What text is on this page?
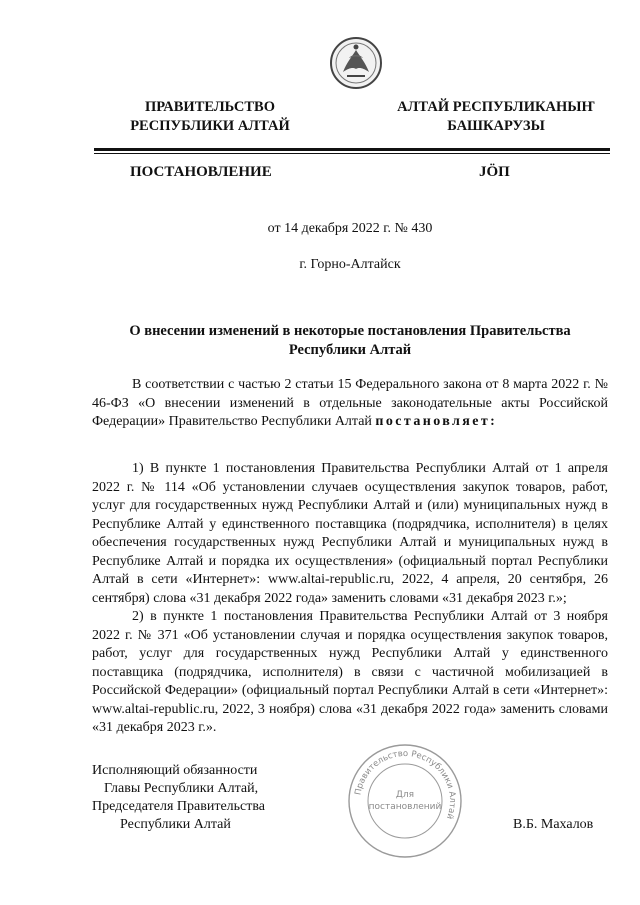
ПРАВИТЕЛЬСТВО
РЕСПУБЛИКИ АЛТАЙ
АЛТАЙ РЕСПУБЛИКАНЫҤ
БАШКАРУЗЫ
ПОСТАНОВЛЕНИЕ	JӦП
от 14 декабря 2022 г. № 430
г. Горно-Алтайск
О внесении изменений в некоторые постановления Правительства
Республики Алтай
В соответствии с частью 2 статьи 15 Федерального закона от 8 марта 2022 г. № 46-ФЗ «О внесении изменений в отдельные законодательные акты Российской Федерации» Правительство Республики Алтай постановляет:
1) В пункте 1 постановления Правительства Республики Алтай от 1 апреля 2022 г. № 114 «Об установлении случаев осуществления закупок товаров, работ, услуг для государственных нужд Республики Алтай и (или) муниципальных нужд в Республике Алтай у единственного поставщика (подрядчика, исполнителя) в целях обеспечения государственных нужд Республики Алтай и муниципальных нужд в Республике Алтай и порядка их осуществления» (официальный портал Республики Алтай в сети «Интернет»: www.altai-republic.ru, 2022, 4 апреля, 20 сентября, 26 сентября) слова «31 декабря 2022 года» заменить словами «31 декабря 2023 г.»;
2) в пункте 1 постановления Правительства Республики Алтай от 3 ноября 2022 г. № 371 «Об установлении случая и порядка осуществления закупок товаров, работ, услуг для государственных нужд Республики Алтай у единственного поставщика (подрядчика, исполнителя) в связи с частичной мобилизацией в Российской Федерации» (официальный портал Республики Алтай в сети «Интернет»: www.altai-republic.ru, 2022, 3 ноября) слова «31 декабря 2022 года» заменить словами «31 декабря 2023 г.».
Правительство Республики Алтай
Для
постановлений
Исполняющий обязанности
Главы Республики Алтай,
Председателя Правительства
Республики Алтай	В.Б. Махалов
